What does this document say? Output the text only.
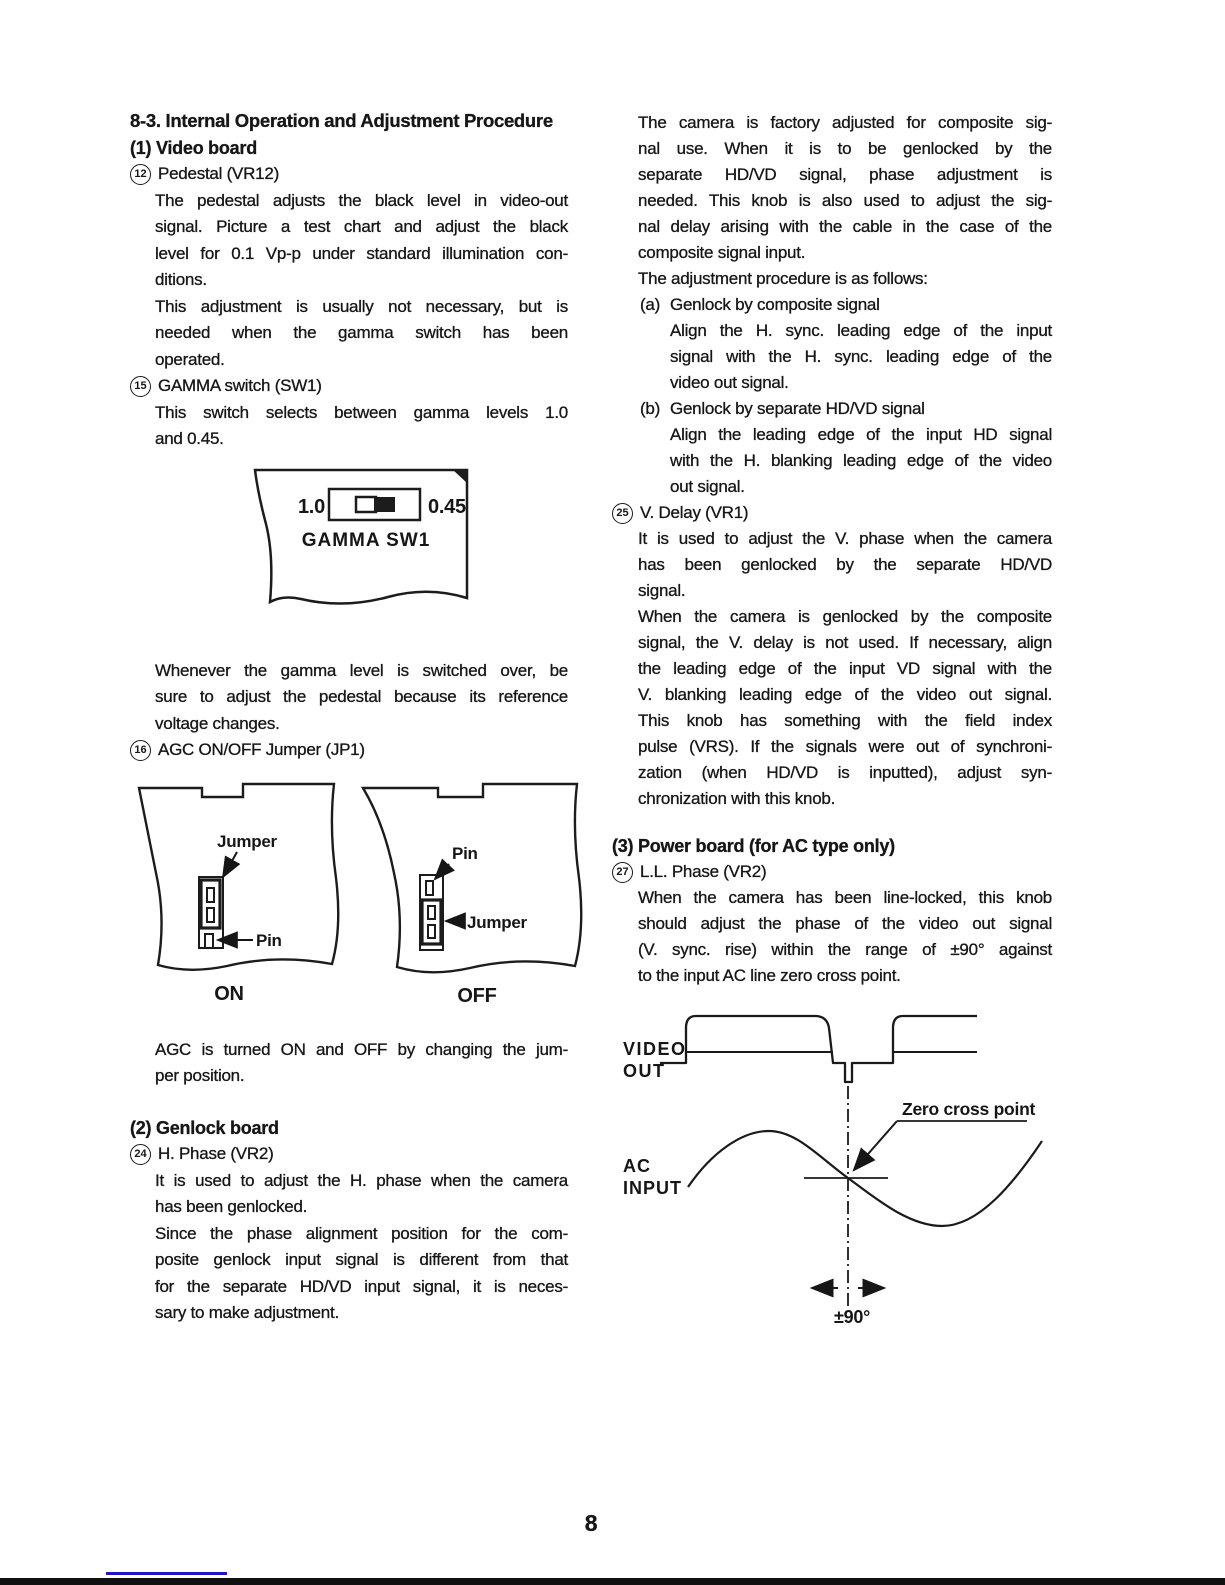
8-3. Internal Operation and Adjustment Procedure
(1) Video board
12 Pedestal (VR12)
The pedestal adjusts the black level in video-out
signal. Picture a test chart and adjust the black
level for 0.1 Vp-p under standard illumination con-
ditions.
This adjustment is usually not necessary, but is
needed when the gamma switch has been
operated.
15 GAMMA switch (SW1)
This switch selects between gamma levels 1.0
and 0.45.
Whenever the gamma level is switched over, be
sure to adjust the pedestal because its reference
voltage changes.
16 AGC ON/OFF Jumper (JP1)
AGC is turned ON and OFF by changing the jum-
per position.
(2) Genlock board
24 H. Phase (VR2)
It is used to adjust the H. phase when the camera
has been genlocked.
Since the phase alignment position for the com-
posite genlock input signal is different from that
for the separate HD/VD input signal, it is neces-
sary to make adjustment.
The camera is factory adjusted for composite sig-
nal use. When it is to be genlocked by the
separate HD/VD signal, phase adjustment is
needed. This knob is also used to adjust the sig-
nal delay arising with the cable in the case of the
composite signal input.
The adjustment procedure is as follows:
(a) Genlock by composite signal
Align the H. sync. leading edge of the input
signal with the H. sync. leading edge of the
video out signal.
(b) Genlock by separate HD/VD signal
Align the leading edge of the input HD signal
with the H. blanking leading edge of the video
out signal.
25 V. Delay (VR1)
It is used to adjust the V. phase when the camera
has been genlocked by the separate HD/VD
signal.
When the camera is genlocked by the composite
signal, the V. delay is not used. If necessary, align
the leading edge of the input VD signal with the
V. blanking leading edge of the video out signal.
This knob has something with the field index
pulse (VRS). If the signals were out of synchroni-
zation (when HD/VD is inputted), adjust syn-
chronization with this knob.
(3) Power board (for AC type only)
27 L.L. Phase (VR2)
When the camera has been line-locked, this knob
should adjust the phase of the video out signal
(V. sync. rise) within the range of ±90° against
to the input AC line zero cross point.
1.0	0.45
GAMMA SW1
Jumper
Pin
ON
Pin
Jumper
OFF
VIDEO
OUT
AC
INPUT
Zero cross point
±90°
8
